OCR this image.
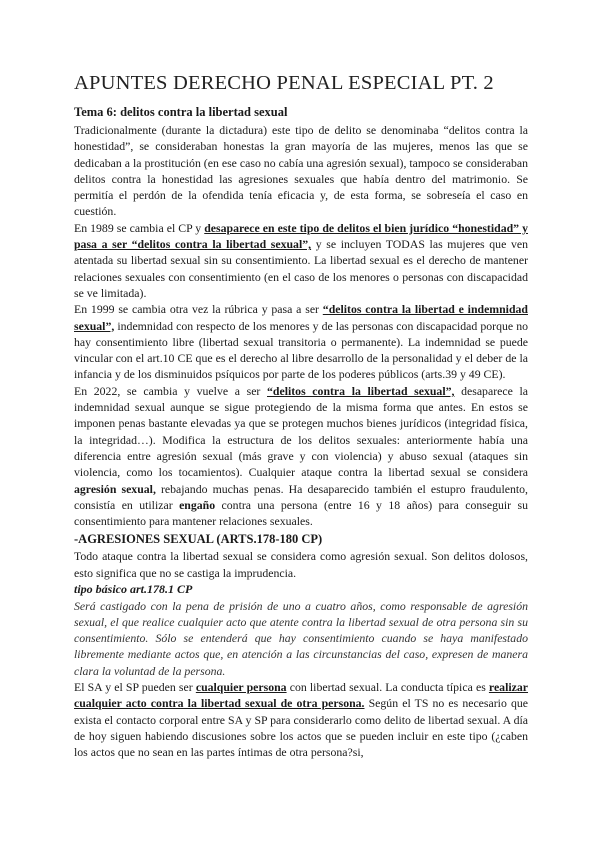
APUNTES DERECHO PENAL ESPECIAL PT. 2
Tema 6: delitos contra la libertad sexual

Tradicionalmente (durante la dictadura) este tipo de delito se denominaba “delitos contra la honestidad”, se consideraban honestas la gran mayoría de las mujeres, menos las que se dedicaban a la prostitución (en ese caso no cabía una agresión sexual), tampoco se consideraban delitos contra la honestidad las agresiones sexuales que había dentro del matrimonio. Se permitía el perdón de la ofendida tenía eficacia y, de esta forma, se sobreseía el caso en cuestión.

En 1989 se cambia el CP y desaparece en este tipo de delitos el bien jurídico “honestidad” y pasa a ser “delitos contra la libertad sexual”, y se incluyen TODAS las mujeres que ven atentada su libertad sexual sin su consentimiento. La libertad sexual es el derecho de mantener relaciones sexuales con consentimiento (en el caso de los menores o personas con discapacidad se ve limitada).

En 1999 se cambia otra vez la rúbrica y pasa a ser “delitos contra la libertad e indemnidad sexual”, indemnidad con respecto de los menores y de las personas con discapacidad porque no hay consentimiento libre (libertad sexual transitoria o permanente). La indemnidad se puede vincular con el art.10 CE que es el derecho al libre desarrollo de la personalidad y el deber de la infancia y de los disminuidos psíquicos por parte de los poderes públicos (arts.39 y 49 CE).

En 2022, se cambia y vuelve a ser “delitos contra la libertad sexual”, desaparece la indemnidad sexual aunque se sigue protegiendo de la misma forma que antes. En estos se imponen penas bastante elevadas ya que se protegen muchos bienes jurídicos (integridad física, la integridad…). Modifica la estructura de los delitos sexuales: anteriormente había una diferencia entre agresión sexual (más grave y con violencia) y abuso sexual (ataques sin violencia, como los tocamientos). Cualquier ataque contra la libertad sexual se considera agresión sexual, rebajando muchas penas. Ha desaparecido también el estupro fraudulento, consistía en utilizar engaño contra una persona (entre 16 y 18 años) para conseguir su consentimiento para mantener relaciones sexuales.

-AGRESIONES SEXUAL (ARTS.178-180 CP)

Todo ataque contra la libertad sexual se considera como agresión sexual. Son delitos dolosos, esto significa que no se castiga la imprudencia.

tipo básico art.178.1 CP

Será castigado con la pena de prisión de uno a cuatro años, como responsable de agresión sexual, el que realice cualquier acto que atente contra la libertad sexual de otra persona sin su consentimiento. Sólo se entenderá que hay consentimiento cuando se haya manifestado libremente mediante actos que, en atención a las circunstancias del caso, expresen de manera clara la voluntad de la persona.

El SA y el SP pueden ser cualquier persona con libertad sexual. La conducta típica es realizar cualquier acto contra la libertad sexual de otra persona. Según el TS no es necesario que exista el contacto corporal entre SA y SP para considerarlo como delito de libertad sexual. A día de hoy siguen habiendo discusiones sobre los actos que se pueden incluir en este tipo (¿caben los actos que no sean en las partes íntimas de otra persona?si,
